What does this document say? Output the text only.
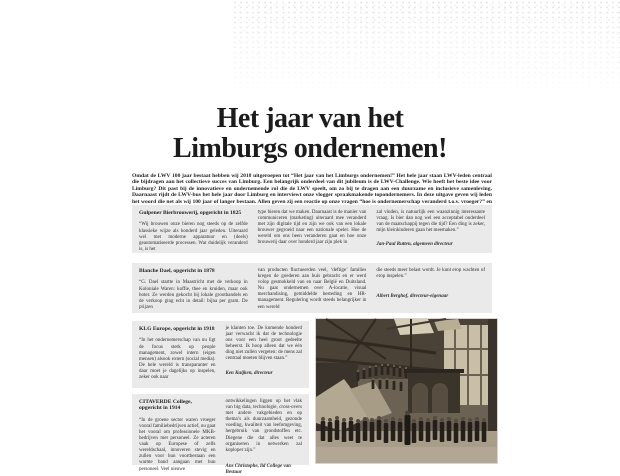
Het jaar van het
Limburgs ondernemen!

Omdat de LWV 100 jaar bestaat hebben wij 2018 uitgeroepen tot “Het jaar van het Limburgs ondernemen!” Het hele jaar staan LWV-leden centraal die bijdragen aan het collectieve succes van Limburg. Een belangrijk onderdeel van dit jubileum is de LWV-Challenge. Wie heeft het beste idee voor Limburg? Dit past bij de innovatieve en ondernemende rol die de LWV speelt, om zo bij te dragen aan een duurzame en inclusieve samenleving. Daarnaast rijdt de LWV-bus het hele jaar door Limburg en interviewt onze vlogger spraakmakende topondernemers. In deze uitgave geven wij leden het woord die net als wij 100 jaar of langer bestaan. Allen geven zij een reactie op onze vragen “hoe is ondernemerschap veranderd t.o.v. vroeger?” en

Gulpener Bierbrouwerij, opgericht in 1825

“Wij brouwen onze bieren nog steeds op de zelfde klassieke wijze als honderd jaar geleden. Uiteraard wel met moderne apparatuur en (deels) geautomatiseerde processen. Wat duidelijk veranderd is, is het

type bieren dat we maken. Daarnaast is de manier van communiceren (marketing) uiteraard mee veranderd met zijn digitale tijd en zijn we ook van een lokale brouwer gegroeid naar een nationale speler. Hoe de wereld om ons heen veranderen gaat en hoe onze brouwerij daar over honderd jaar zijn plek in

zal vinden, is natuurlijk een waanzinnig interessante vraag. Is bier dan nog wel een acceptabel onderdeel van de maatschappij tegen die tijd? Een ding is zeker, mijn kleinkinderen gaan het meemaken.”

Jan-Paul Rutten, algemeen directeur

Blanche Dael, opgericht in 1878

“G. Dael startte in Maastricht met de verkoop in Koloniale Waren: koffie, thee en kruiden, maar ook boter. Ze werden gekocht bij lokale groothandels en de verkoop ging echt in detail: bijna per gram. De prijzen

van producten fluctueerden veel, ‘deftige’ families kregen de goederen aan huis gebracht en er werd volop gesmokkeld van en naar België en Duitsland. Nu gaat ondernemen over A-locatie, visual merchandising, gemiddelde besteding en HR-management. Regulering wordt steeds belangrijker in een wereld

die steeds meer belast wordt. Je kunt erop wachten of erop inspelen.”

Albert Berghof, directeur-eigenaar

KLG Europe, opgericht in 1918

“In het ondernemerschap van nu ligt de focus sterk op people management, zowel intern (eigen mensen) alsook extern (social media). De hele wereld is transparanter en daar moet je dagelijks op inspelen, zeker ook naar

je klanten toe. De komende honderd jaar verwacht ik dat de technologie ons voor een heel groot gedeelte beheerst. Ik hoop alleen dat we één ding niet zullen vergeten: de mens zal centraal moeten blijven staan.”

Ken Kuijken, directeur

CITAVERDE College, opgericht in 1914

“In de groene sector waren vroeger vooral familiebedrijven actief, nu gaat het vooral om professionele MKB-bedrijven met personeel. Ze acteren vaak op Europese of zelfs wereldschaal, innoveren stevig en zullen voor hun voortbestaan een warme band aangaan met hun personeel. Veel nieuwe

ontwikkelingen liggen op het vlak van big data, technologie, cross-overs met andere vakgebieden en op thema’s als duurzaamheid, gezonde voeding, kwaliteit van leefomgeving, hergebruik van grondstoffen etc. Diegene die dat alles weet te organiseren in netwerken zal koploper zijn.”

Ans Christophe, lid College van Bestuur
